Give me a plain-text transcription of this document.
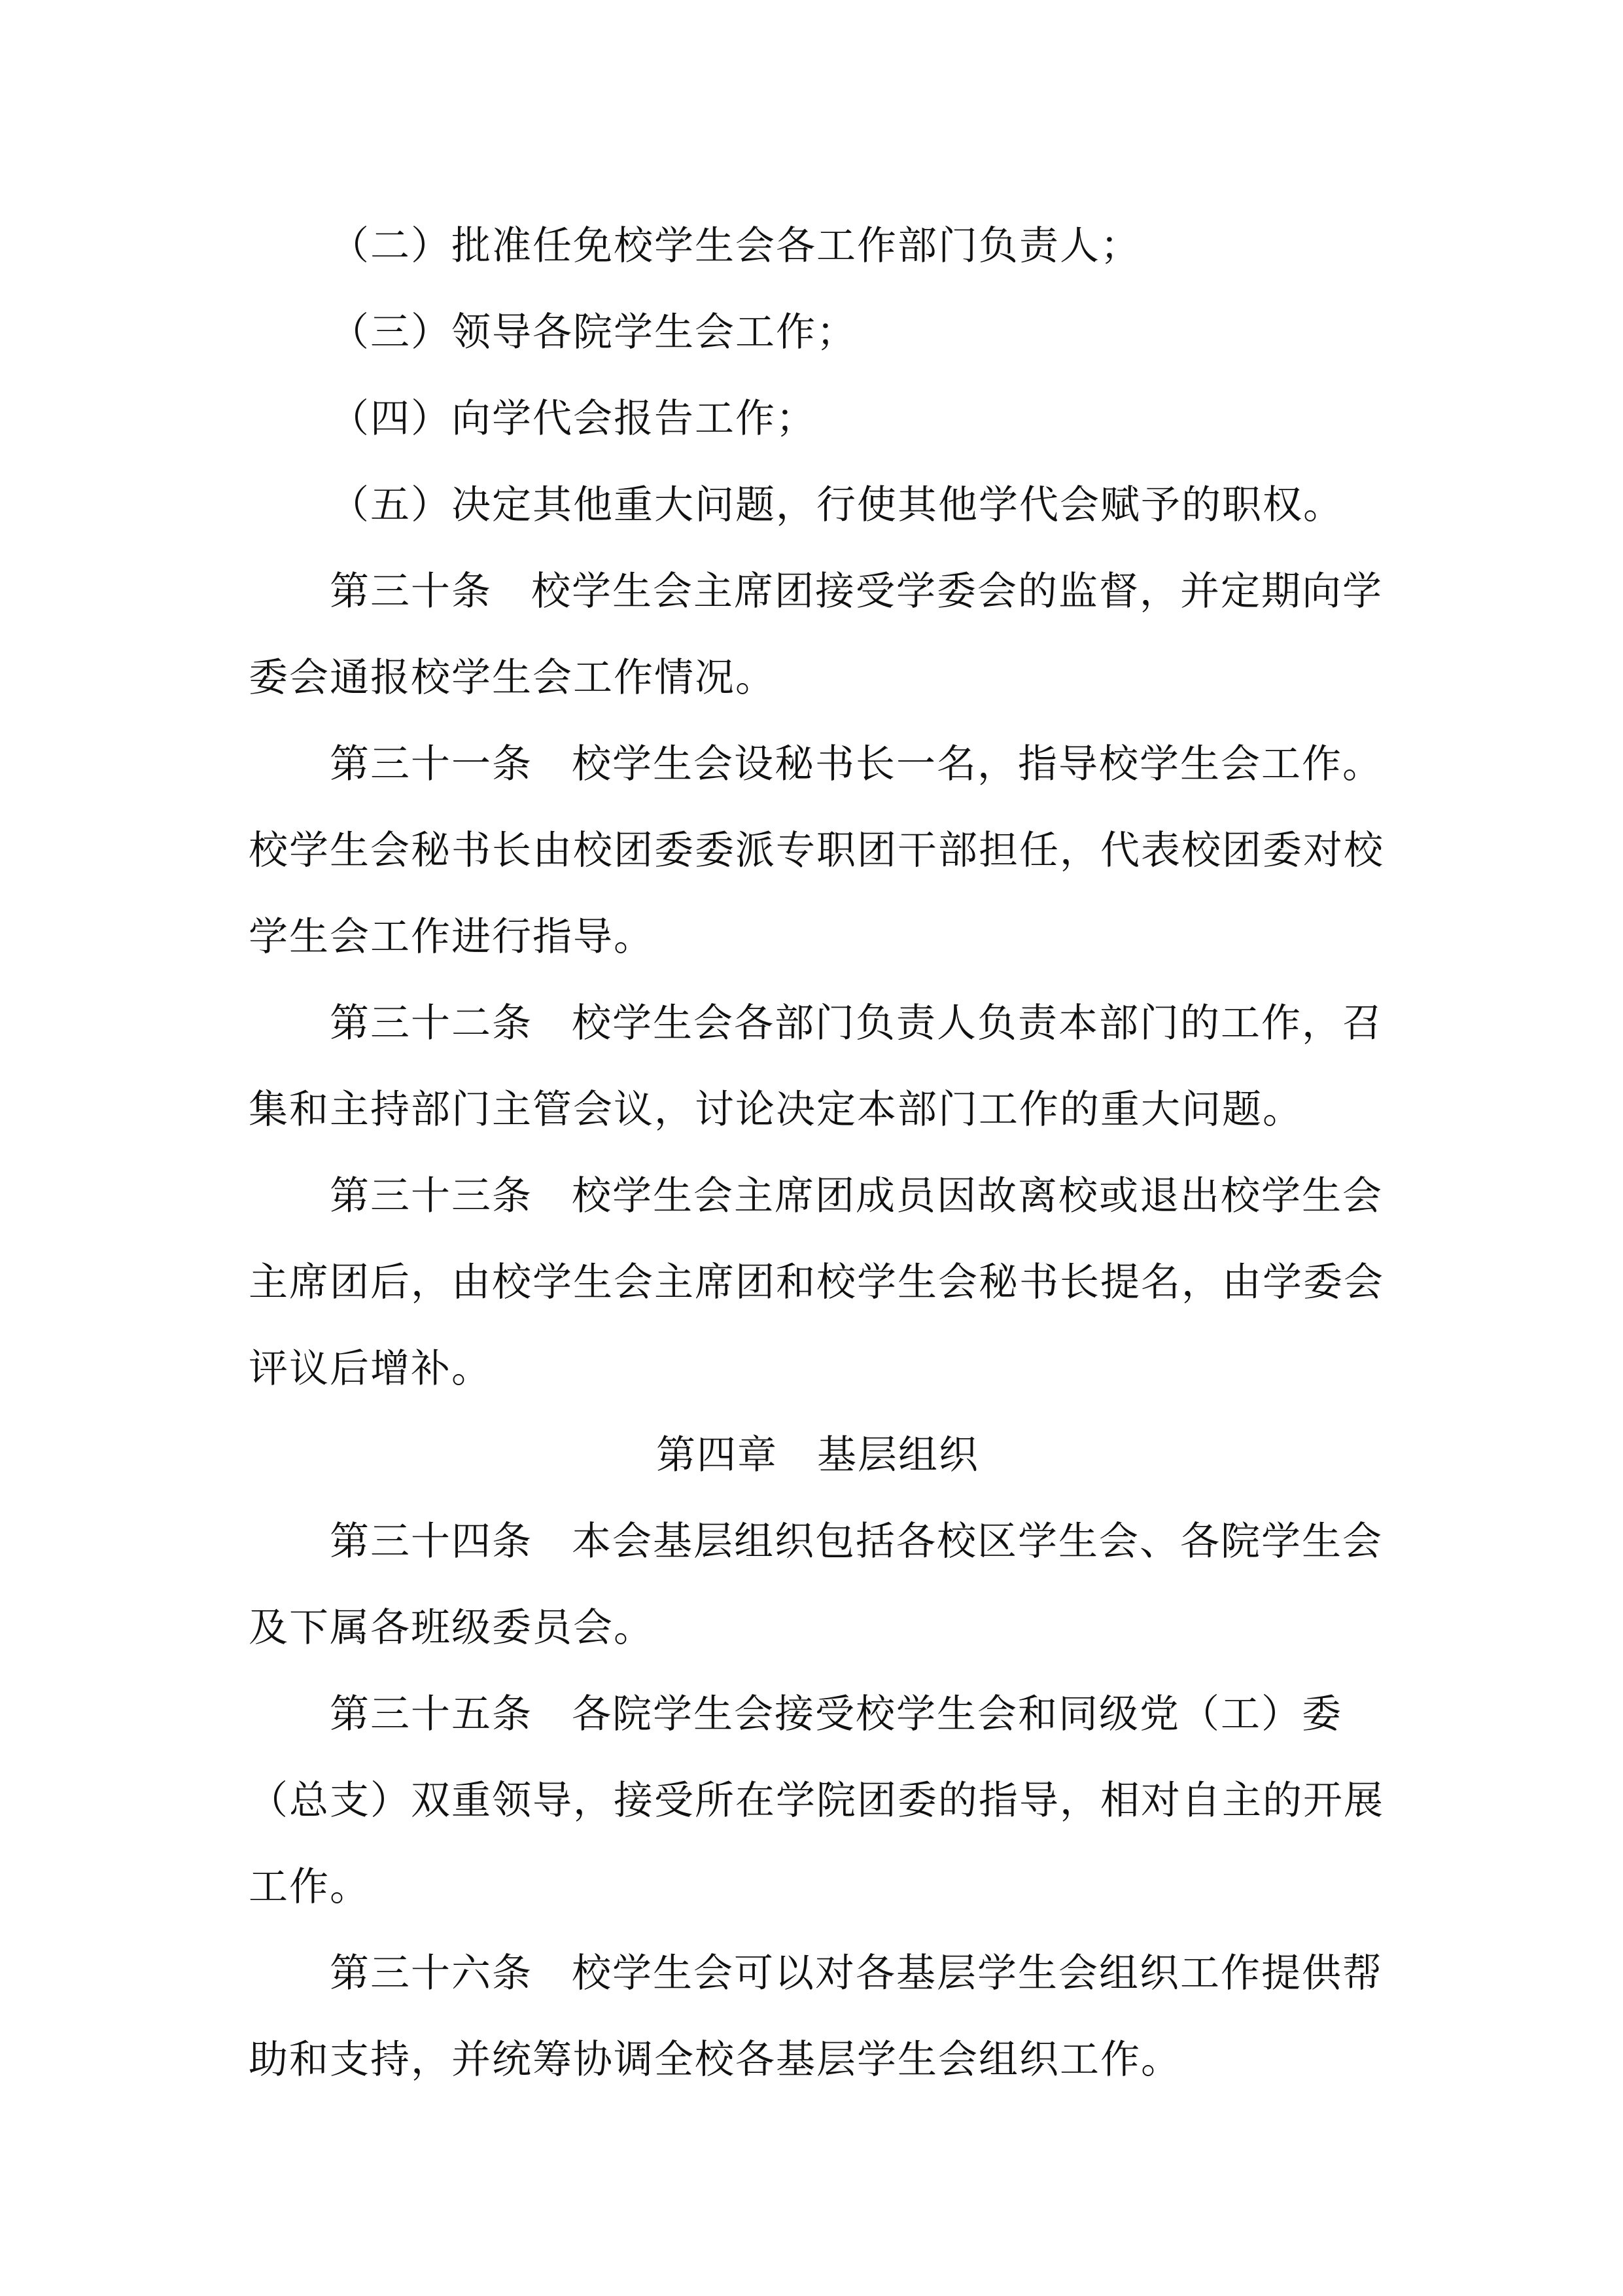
（二）批准任免校学生会各工作部门负责人；

（三）领导各院学生会工作；

（四）向学代会报告工作；

（五）决定其他重大问题，行使其他学代会赋予的职权。

第三十条 校学生会主席团接受学委会的监督，并定期向学委会通报校学生会工作情况。

第三十一条 校学生会设秘书长一名，指导校学生会工作。校学生会秘书长由校团委委派专职团干部担任，代表校团委对校学生会工作进行指导。

第三十二条 校学生会各部门负责人负责本部门的工作，召集和主持部门主管会议，讨论决定本部门工作的重大问题。

第三十三条 校学生会主席团成员因故离校或退出校学生会主席团后，由校学生会主席团和校学生会秘书长提名，由学委会评议后增补。

第四章 基层组织

第三十四条 本会基层组织包括各校区学生会、各院学生会及下属各班级委员会。

第三十五条 各院学生会接受校学生会和同级党（工）委（总支）双重领导，接受所在学院团委的指导，相对自主的开展工作。

第三十六条 校学生会可以对各基层学生会组织工作提供帮助和支持，并统筹协调全校各基层学生会组织工作。
